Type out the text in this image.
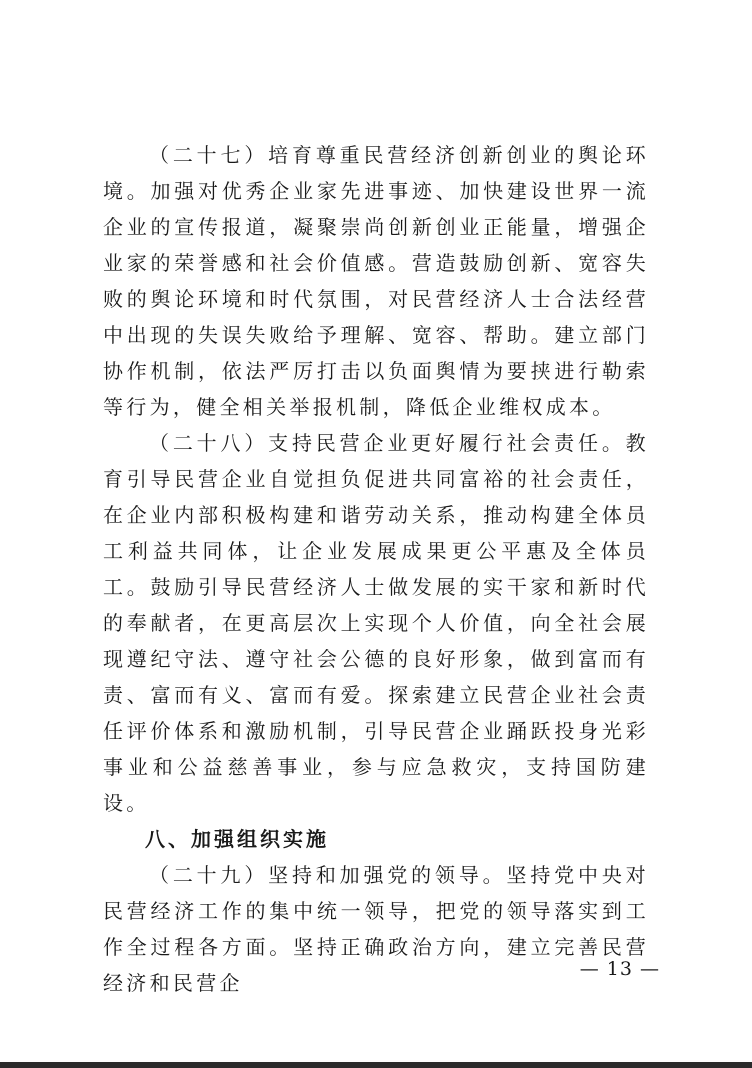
（二十七）培育尊重民营经济创新创业的舆论环境。加强对优秀企业家先进事迹、加快建设世界一流企业的宣传报道，凝聚崇尚创新创业正能量，增强企业家的荣誉感和社会价值感。营造鼓励创新、宽容失败的舆论环境和时代氛围，对民营经济人士合法经营中出现的失误失败给予理解、宽容、帮助。建立部门协作机制，依法严厉打击以负面舆情为要挟进行勒索等行为，健全相关举报机制，降低企业维权成本。

（二十八）支持民营企业更好履行社会责任。教育引导民营企业自觉担负促进共同富裕的社会责任，在企业内部积极构建和谐劳动关系，推动构建全体员工利益共同体，让企业发展成果更公平惠及全体员工。鼓励引导民营经济人士做发展的实干家和新时代的奉献者，在更高层次上实现个人价值，向全社会展现遵纪守法、遵守社会公德的良好形象，做到富而有责、富而有义、富而有爱。探索建立民营企业社会责任评价体系和激励机制，引导民营企业踊跃投身光彩事业和公益慈善事业，参与应急救灾，支持国防建设。

八、加强组织实施

（二十九）坚持和加强党的领导。坚持党中央对民营经济工作的集中统一领导，把党的领导落实到工作全过程各方面。坚持正确政治方向，建立完善民营经济和民营企

— 13 —
